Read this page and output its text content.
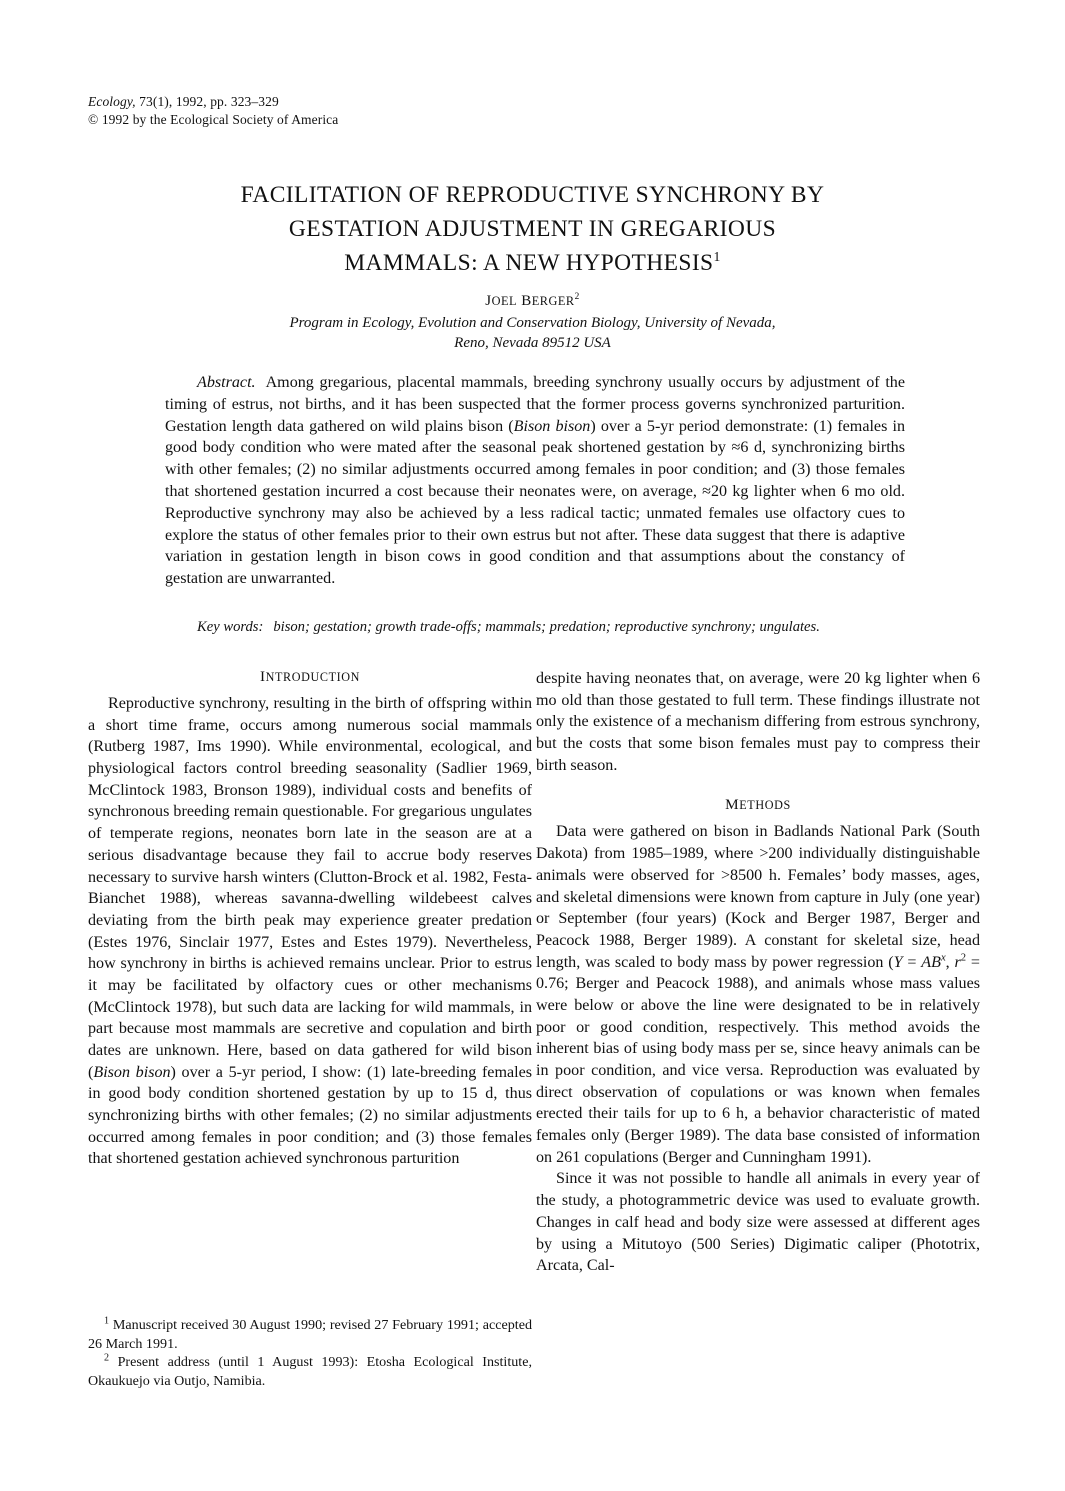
Ecology, 73(1), 1992, pp. 323–329
© 1992 by the Ecological Society of America
FACILITATION OF REPRODUCTIVE SYNCHRONY BY
GESTATION ADJUSTMENT IN GREGARIOUS
MAMMALS: A NEW HYPOTHESIS$^1$
JOEL BERGER$^2$
Program in Ecology, Evolution and Conservation Biology, University of Nevada,
Reno, Nevada 89512 USA

Abstract. Among gregarious, placental mammals, breeding synchrony usually occurs by adjustment of the timing of estrus, not births, and it has been suspected that the former process governs synchronized parturition. Gestation length data gathered on wild plains bison (Bison bison) over a 5-yr period demonstrate: (1) females in good body condition who were mated after the seasonal peak shortened gestation by ≈6 d, synchronizing births with other females; (2) no similar adjustments occurred among females in poor condition; and (3) those females that shortened gestation incurred a cost because their neonates were, on average, ≈20 kg lighter when 6 mo old. Reproductive synchrony may also be achieved by a less radical tactic; unmated females use olfactory cues to explore the status of other females prior to their own estrus but not after. These data suggest that there is adaptive variation in gestation length in bison cows in good condition and that assumptions about the constancy of gestation are unwarranted.

Key words: bison; gestation; growth trade-offs; mammals; predation; reproductive synchrony; ungulates.

INTRODUCTION

Reproductive synchrony, resulting in the birth of offspring within a short time frame, occurs among numerous social mammals (Rutberg 1987, Ims 1990). While environmental, ecological, and physiological factors control breeding seasonality (Sadlier 1969, McClintock 1983, Bronson 1989), individual costs and benefits of synchronous breeding remain questionable. For gregarious ungulates of temperate regions, neonates born late in the season are at a serious disadvantage because they fail to accrue body reserves necessary to survive harsh winters (Clutton-Brock et al. 1982, Festa-Bianchet 1988), whereas savanna-dwelling wildebeest calves deviating from the birth peak may experience greater predation (Estes 1976, Sinclair 1977, Estes and Estes 1979). Nevertheless, how synchrony in births is achieved remains unclear. Prior to estrus it may be facilitated by olfactory cues or other mechanisms (McClintock 1978), but such data are lacking for wild mammals, in part because most mammals are secretive and copulation and birth dates are unknown. Here, based on data gathered for wild bison (Bison bison) over a 5-yr period, I show: (1) late-breeding females in good body condition shortened gestation by up to 15 d, thus synchronizing births with other females; (2) no similar adjustments occurred among females in poor condition; and (3) those females that shortened gestation achieved synchronous parturition

despite having neonates that, on average, were 20 kg lighter when 6 mo old than those gestated to full term. These findings illustrate not only the existence of a mechanism differing from estrous synchrony, but the costs that some bison females must pay to compress their birth season.

METHODS

Data were gathered on bison in Badlands National Park (South Dakota) from 1985–1989, where >200 individually distinguishable animals were observed for >8500 h. Females’ body masses, ages, and skeletal dimensions were known from capture in July (one year) or September (four years) (Kock and Berger 1987, Berger and Peacock 1988, Berger 1989). A constant for skeletal size, head length, was scaled to body mass by power regression ($Y = AB^x$, $r^2 = 0.76$; Berger and Peacock 1988), and animals whose mass values were below or above the line were designated to be in relatively poor or good condition, respectively. This method avoids the inherent bias of using body mass per se, since heavy animals can be in poor condition, and vice versa. Reproduction was evaluated by direct observation of copulations or was known when females erected their tails for up to 6 h, a behavior characteristic of mated females only (Berger 1989). The data base consisted of information on 261 copulations (Berger and Cunningham 1991).

Since it was not possible to handle all animals in every year of the study, a photogrammetric device was used to evaluate growth. Changes in calf head and body size were assessed at different ages by using a Mitutoyo (500 Series) Digimatic caliper (Phototrix, Arcata, Cal-

$^1$ Manuscript received 30 August 1990; revised 27 February 1991; accepted 26 March 1991.

$^2$ Present address (until 1 August 1993): Etosha Ecological Institute, Okaukuejo via Outjo, Namibia.
